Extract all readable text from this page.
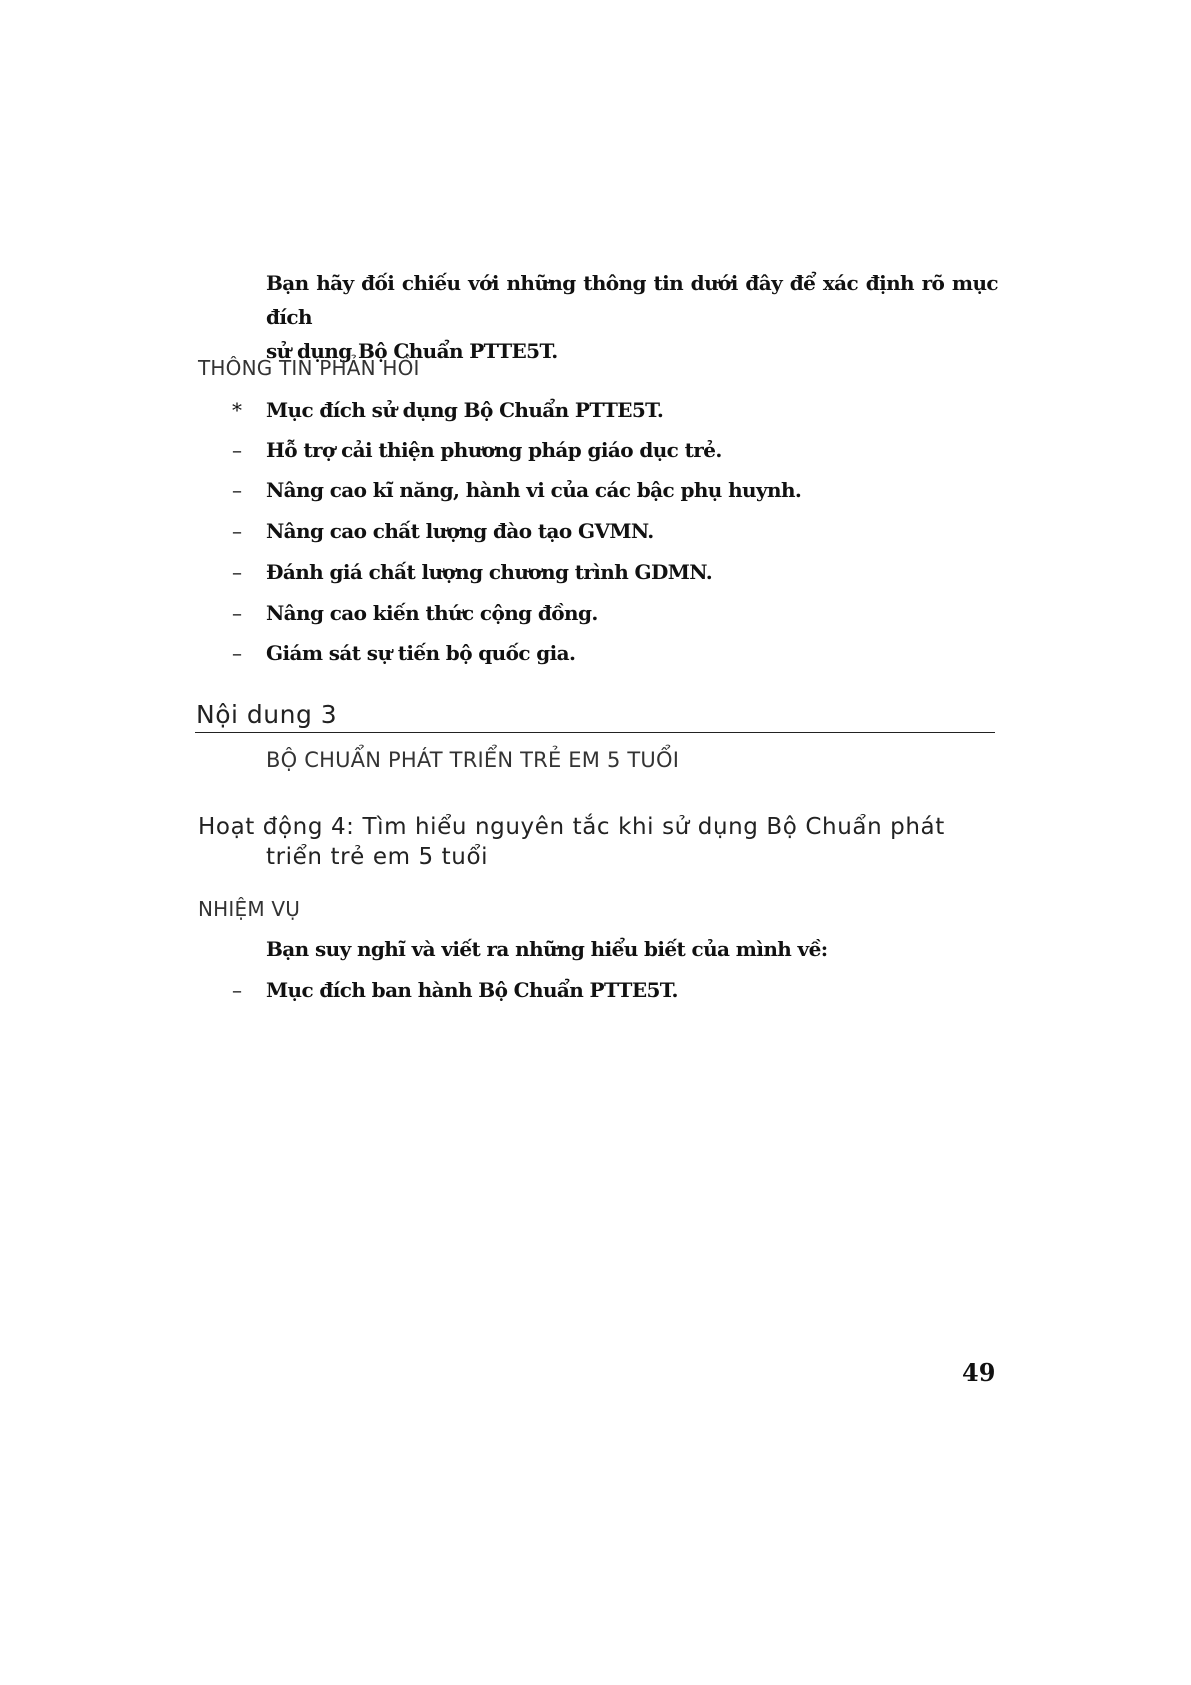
Bạn hãy đối chiếu với những thông tin dưới đây để xác định rõ mục đích
sử dụng Bộ Chuẩn PTTE5T.
THÔNG TIN PHẢN HỒI
* Mục đích sử dụng Bộ Chuẩn PTTE5T.
– Hỗ trợ cải thiện phương pháp giáo dục trẻ.
– Nâng cao kĩ năng, hành vi của các bậc phụ huynh.
– Nâng cao chất lượng đào tạo GVMN.
– Đánh giá chất lượng chương trình GDMN.
– Nâng cao kiến thức cộng đồng.
– Giám sát sự tiến bộ quốc gia.
Nội dung 3
BỘ CHUẨN PHÁT TRIỂN TRẺ EM 5 TUỔI
Hoạt động 4: Tìm hiểu nguyên tắc khi sử dụng Bộ Chuẩn phát
triển trẻ em 5 tuổi
NHIỆM VỤ
Bạn suy nghĩ và viết ra những hiểu biết của mình về:
– Mục đích ban hành Bộ Chuẩn PTTE5T.
49
